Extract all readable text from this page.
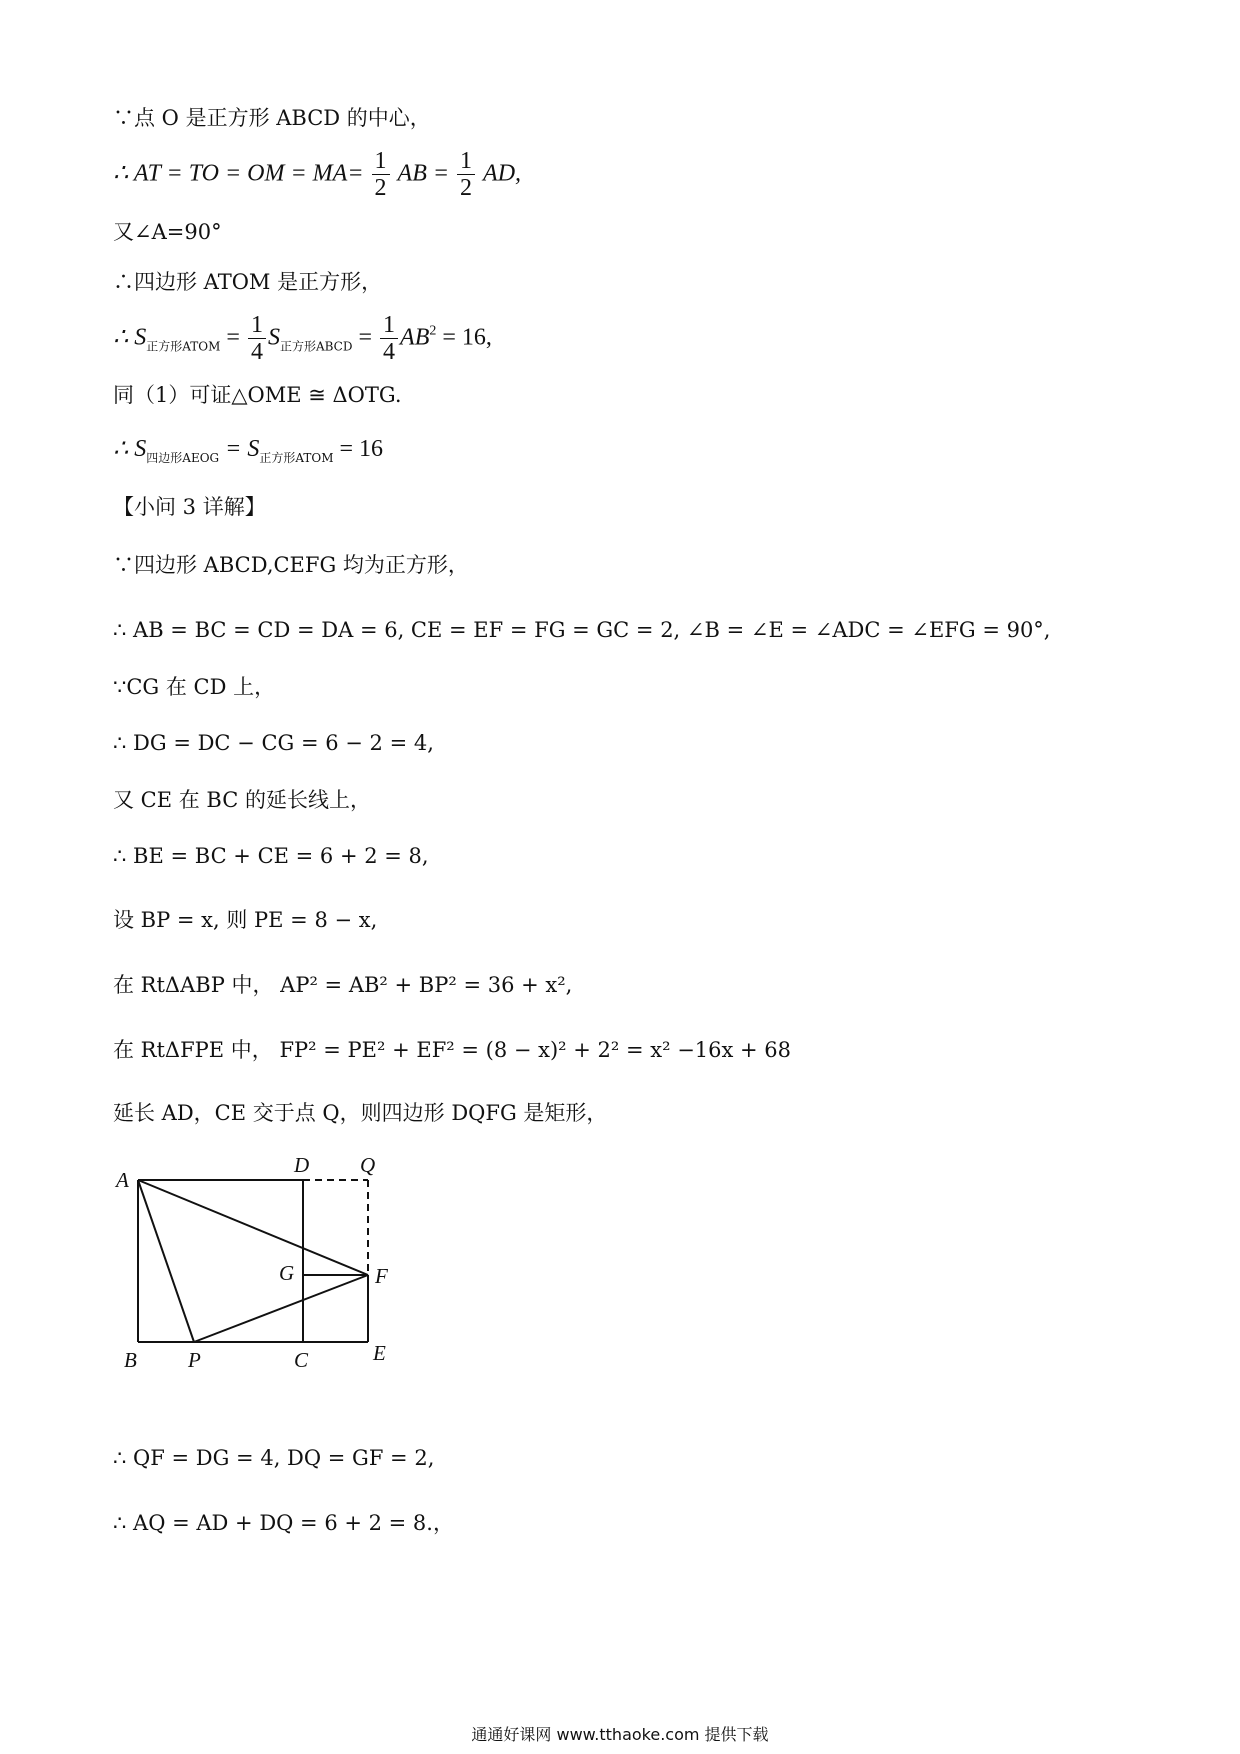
∵点 O 是正方形 ABCD 的中心，
∴ AT = TO = OM = $MA= \frac{1}{2}$ AB = $\frac{1}{2}$ AD,
又∠A=90°
∴四边形 ATOM 是正方形，
∴ $S_{正方形ATOM} = \frac{1}{4} S_{正方形ABCD} = \frac{1}{4} AB^2 = 16$,
同（1）可证△OME ≅ ΔOTG.
∴ $S_{四边形AEOG} = S_{正方形ATOM} = 16$
【小问 3 详解】
∵四边形 ABCD,CEFG 均为正方形，
∴ AB = BC = CD = DA = 6, CE = EF = FG = GC = 2, ∠B = ∠E = ∠ADC = ∠EFG = 90°,
∵CG 在 CD 上，
∴ DG = DC − CG = 6 − 2 = 4,
又 CE 在 BC 的延长线上，
∴ BE = BC + CE = 6 + 2 = 8,
设 BP = x, 则 PE = 8 − x,
在 RtΔABP 中， AP² = AB² + BP² = 36 + x²,
在 RtΔFPE 中， FP² = PE² + EF² = (8 − x)² + 2² = x² −16x + 68
延长 AD，CE 交于点 Q，则四边形 DQFG 是矩形，
A
D Q
G	F
B P	C	E
∴ QF = DG = 4, DQ = GF = 2,
∴ AQ = AD + DQ = 6 + 2 = 8.，
通通好课网 www.tthaoke.com 提供下载
